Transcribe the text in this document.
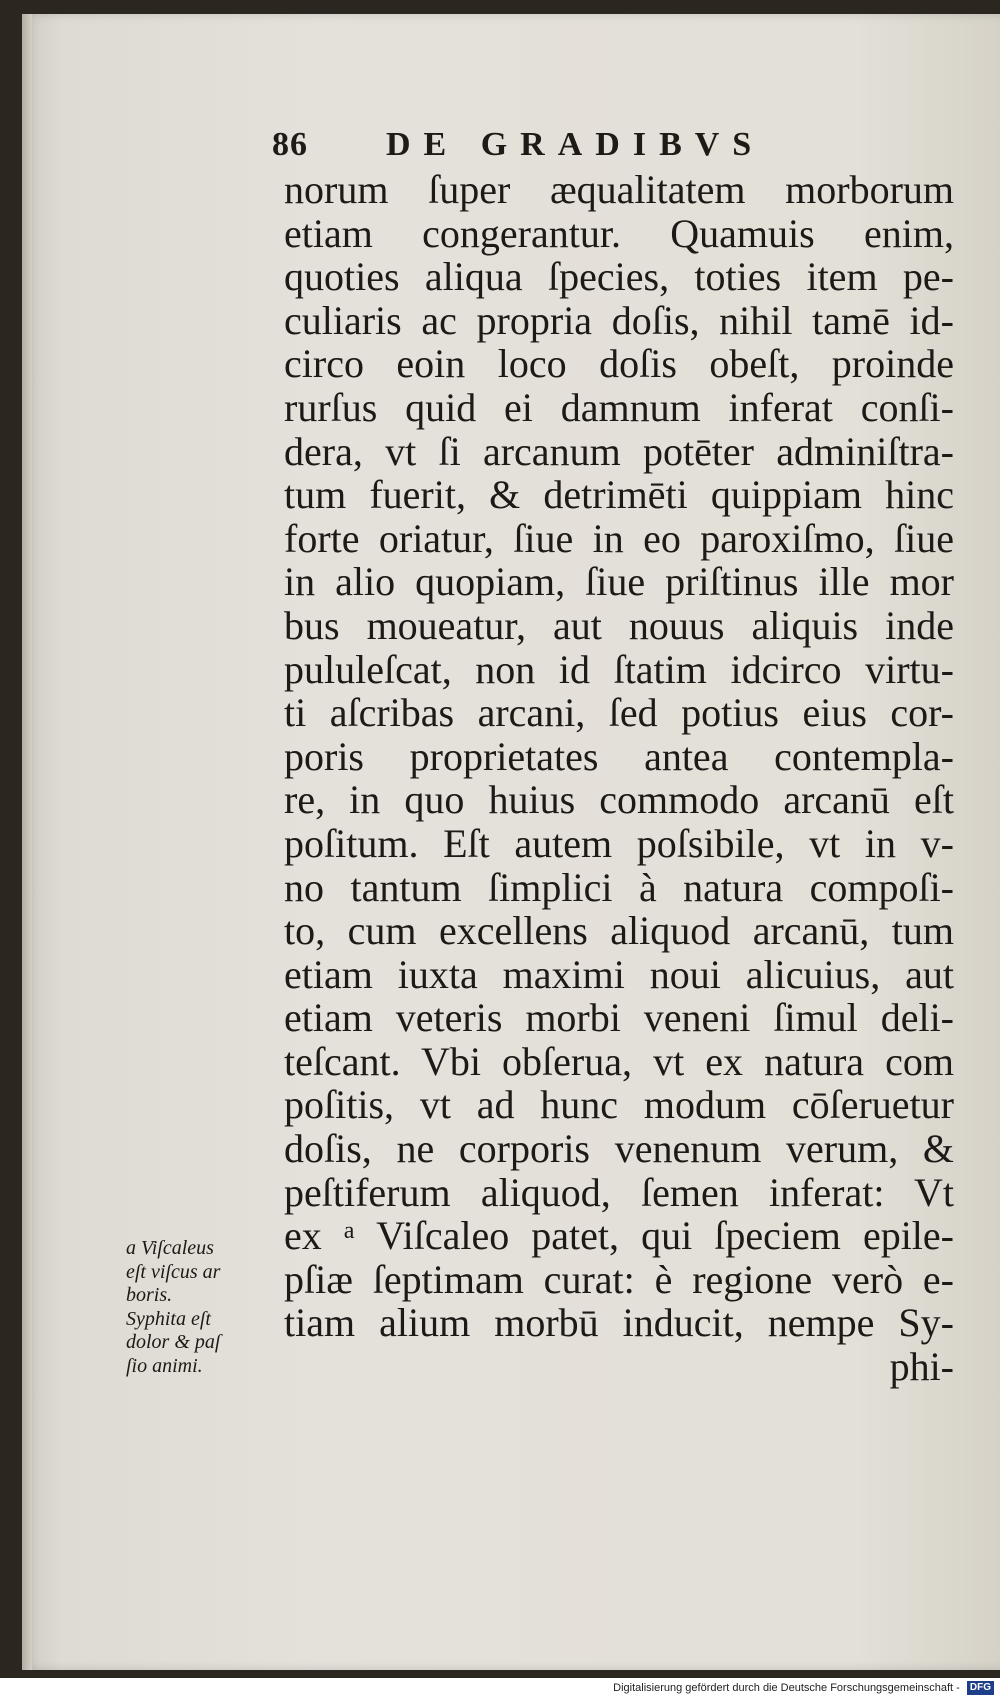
86 DE GRADIBVS
norum ſuper æqualitatem morborum
etiam congerantur. Quamuis enim,
quoties aliqua ſpecies, toties item pe-
culiaris ac propria doſis, nihil tamē id-
circo eoin loco doſis obeſt, proinde
rurſus quid ei damnum inferat conſi-
dera, vt ſi arcanum potēter adminiſtra-
tum fuerit, & detrimēti quippiam hinc
forte oriatur, ſiue in eo paroxiſmo, ſiue
in alio quopiam, ſiue priſtinus ille mor
bus moueatur, aut nouus aliquis inde
pululeſcat, non id ſtatim idcirco virtu-
ti aſcribas arcani, ſed potius eius cor-
poris proprietates antea contempla-
re, in quo huius commodo arcanū eſt
poſitum. Eſt autem poſsibile, vt in v-
no tantum ſimplici à natura compoſi-
to, cum excellens aliquod arcanū, tum
etiam iuxta maximi noui alicuius, aut
etiam veteris morbi veneni ſimul deli-
teſcant. Vbi obſerua, vt ex natura com
poſitis, vt ad hunc modum cōſeruetur
doſis, ne corporis venenum verum, &
peſtiferum aliquod, ſemen inferat: Vt
ex ᵃ Viſcaleo patet, qui ſpeciem epile-
pſiæ ſeptimam curat: è regione verò e-
tiam alium morbū inducit, nempe Sy-
phi-
a Viſcaleus
eſt viſcus ar
boris.
Syphita eſt
dolor & paſ
ſio animi.
Digitalisierung gefördert durch die Deutsche Forschungsgemeinschaft - DFG
